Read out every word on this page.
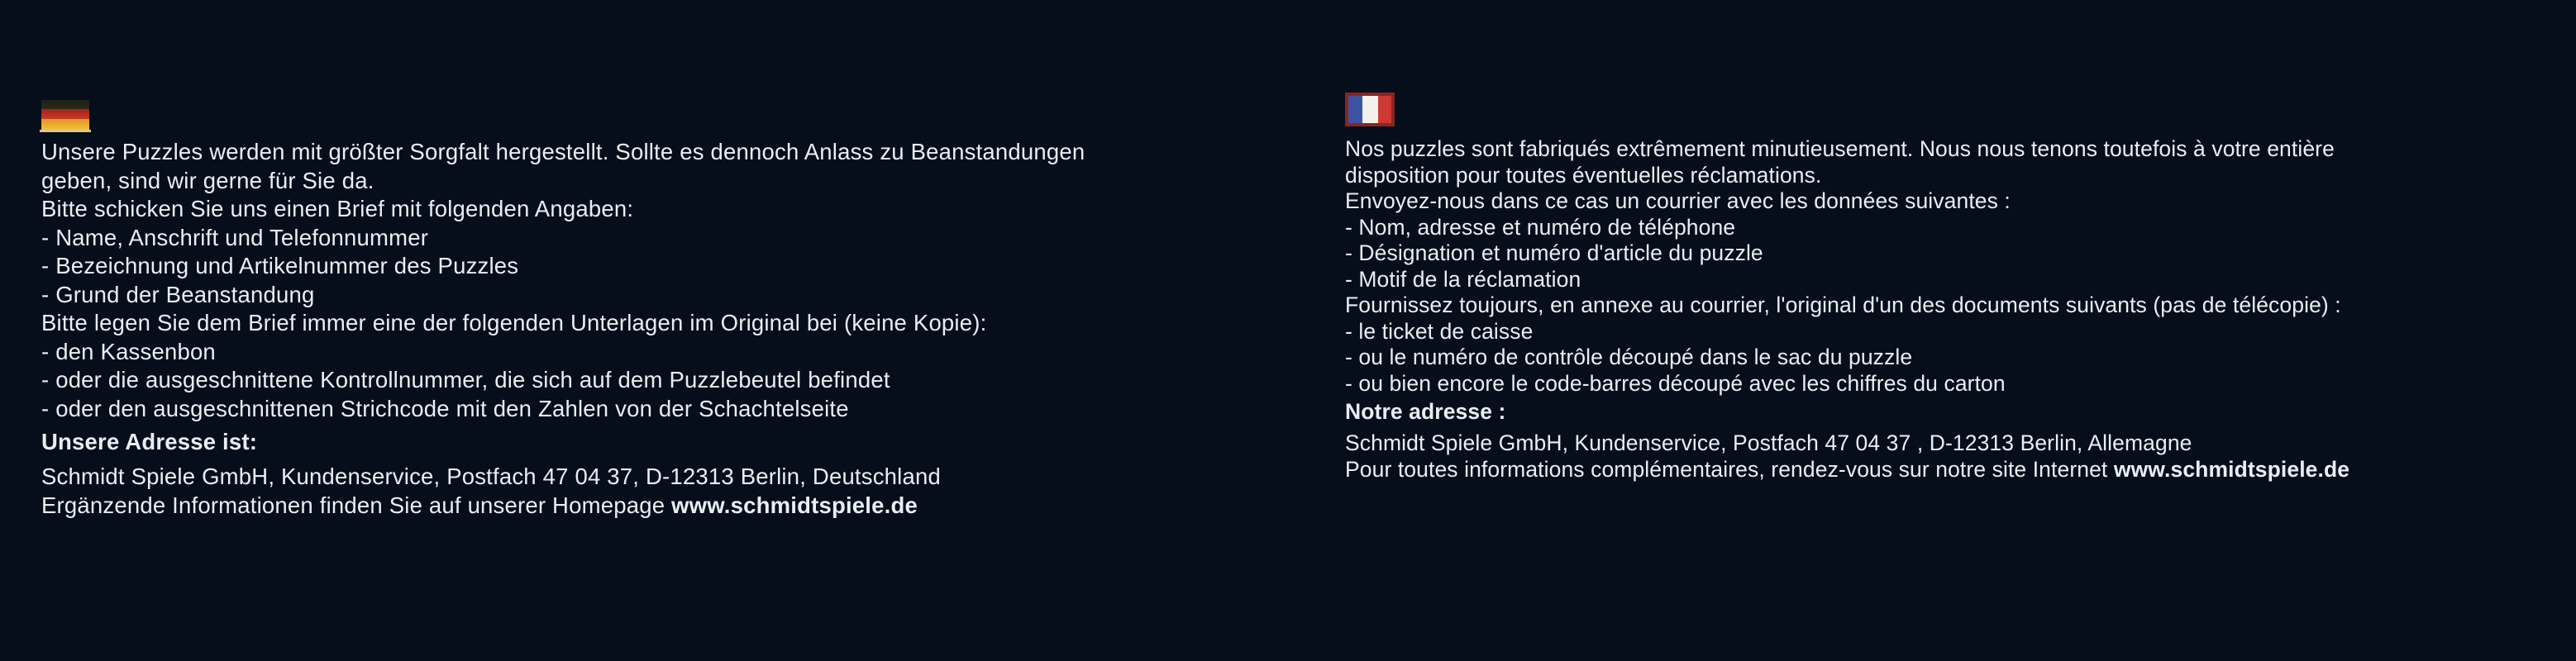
Unsere Puzzles werden mit größter Sorgfalt hergestellt. Sollte es dennoch Anlass zu Beanstandungen
geben, sind wir gerne für Sie da.
Bitte schicken Sie uns einen Brief mit folgenden Angaben:
- Name, Anschrift und Telefonnummer
- Bezeichnung und Artikelnummer des Puzzles
- Grund der Beanstandung
Bitte legen Sie dem Brief immer eine der folgenden Unterlagen im Original bei (keine Kopie):
- den Kassenbon
- oder die ausgeschnittene Kontrollnummer, die sich auf dem Puzzlebeutel befindet
- oder den ausgeschnittenen Strichcode mit den Zahlen von der Schachtelseite
Unsere Adresse ist:
Schmidt Spiele GmbH, Kundenservice, Postfach 47 04 37, D-12313 Berlin, Deutschland
Ergänzende Informationen finden Sie auf unserer Homepage www.schmidtspiele.de
Nos puzzles sont fabriqués extrêmement minutieusement. Nous nous tenons toutefois à votre entière
disposition pour toutes éventuelles réclamations.
Envoyez-nous dans ce cas un courrier avec les données suivantes :
- Nom, adresse et numéro de téléphone
- Désignation et numéro d'article du puzzle
- Motif de la réclamation
Fournissez toujours, en annexe au courrier, l'original d'un des documents suivants (pas de télécopie) :
- le ticket de caisse
- ou le numéro de contrôle découpé dans le sac du puzzle
- ou bien encore le code-barres découpé avec les chiffres du carton
Notre adresse :
Schmidt Spiele GmbH, Kundenservice, Postfach 47 04 37 , D-12313 Berlin, Allemagne
Pour toutes informations complémentaires, rendez-vous sur notre site Internet www.schmidtspiele.de
